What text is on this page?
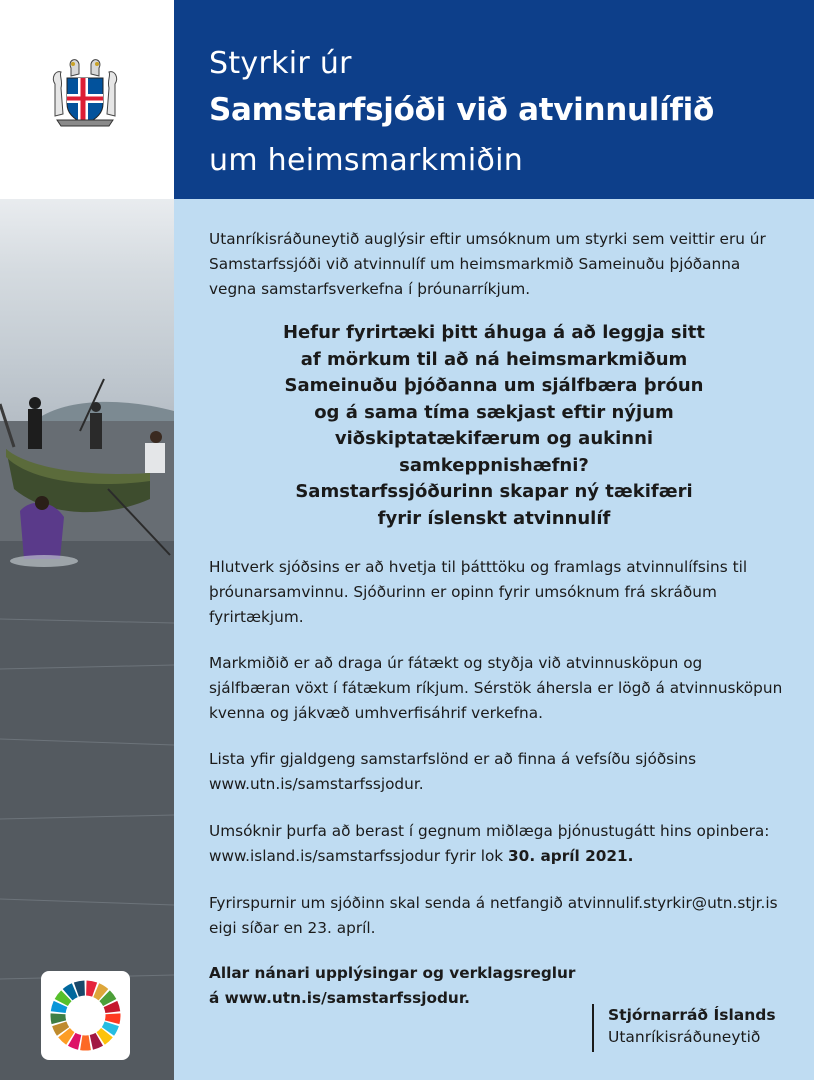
Styrkir úr
Samstarfsjóði við atvinnulífið
um heimsmarkmiðin

Utanríkisráðuneytið auglýsir eftir umsóknum um styrki sem veittir eru úr Samstarfssjóði við atvinnulíf um heimsmarkmið Sameinuðu þjóðanna vegna samstarfsverkefna í þróunarríkjum.

Hefur fyrirtæki þitt áhuga á að leggja sitt
af mörkum til að ná heimsmarkmiðum
Sameinuðu þjóðanna um sjálfbæra þróun
og á sama tíma sækjast eftir nýjum
viðskiptatækifærum og aukinni
samkeppnishæfni?
Samstarfssjóðurinn skapar ný tækifæri
fyrir íslenskt atvinnulíf

Hlutverk sjóðsins er að hvetja til þátttöku og framlags atvinnulífsins til þróunarsamvinnu. Sjóðurinn er opinn fyrir umsóknum frá skráðum fyrirtækjum.

Markmiðið er að draga úr fátækt og styðja við atvinnusköpun og sjálfbæran vöxt í fátækum ríkjum. Sérstök áhersla er lögð á atvinnusköpun kvenna og jákvæð umhverfisáhrif verkefna.

Lista yfir gjaldgeng samstarfslönd er að finna á vefsíðu sjóðsins www.utn.is/samstarfssjodur.

Umsóknir þurfa að berast í gegnum miðlæga þjónustugátt hins opinbera: www.island.is/samstarfssjodur fyrir lok 30. apríl 2021.

Fyrirspurnir um sjóðinn skal senda á netfangið atvinnulif.styrkir@utn.stjr.is eigi síðar en 23. apríl.

Allar nánari upplýsingar og verklagsreglur
á www.utn.is/samstarfssjodur.

Stjórnarráð Íslands
Utanríkisráðuneytið
